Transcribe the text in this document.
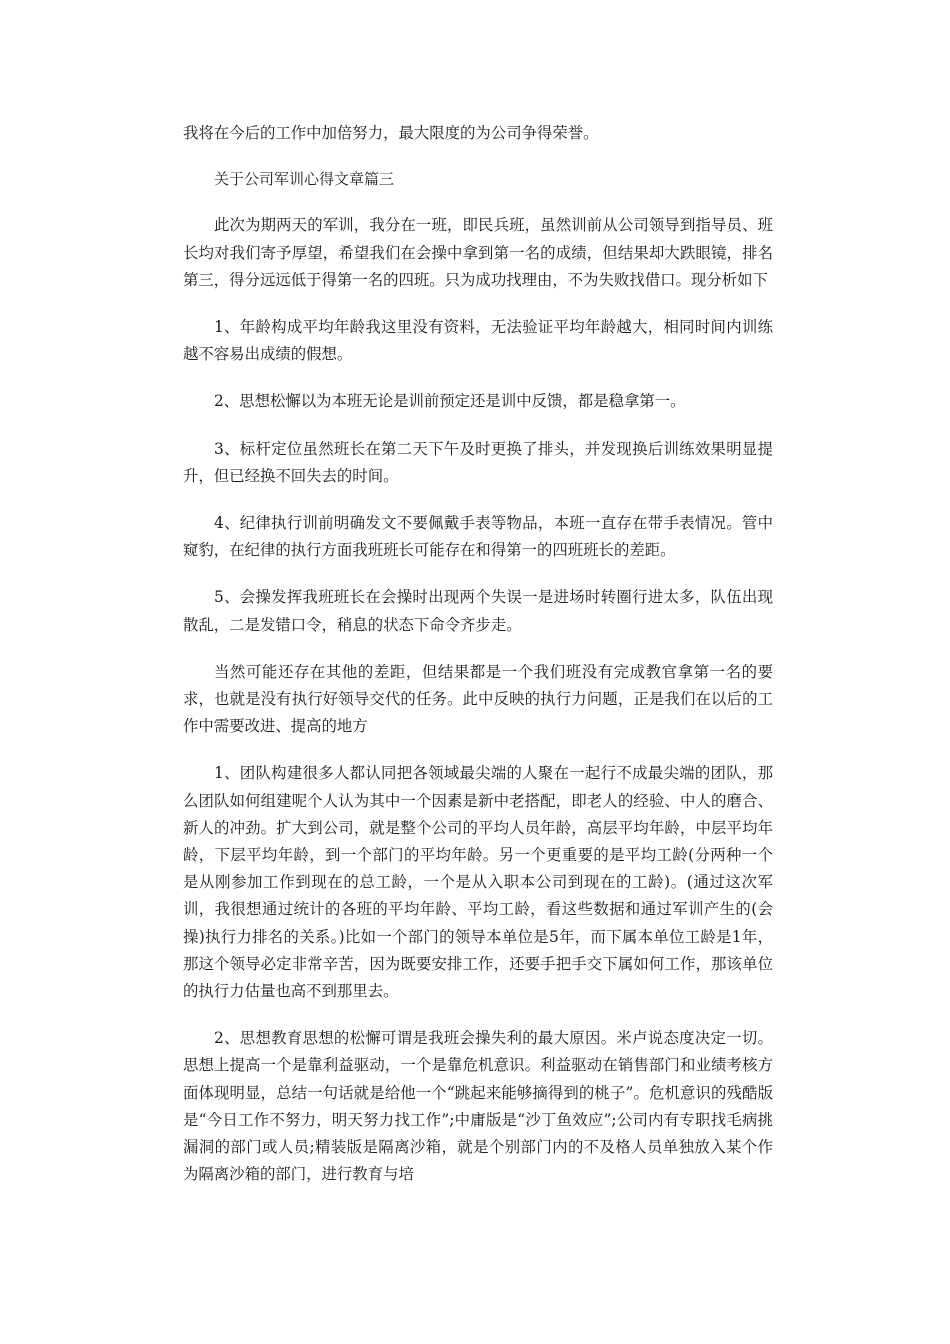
我将在今后的工作中加倍努力，最大限度的为公司争得荣誉。

关于公司军训心得文章篇三

此次为期两天的军训，我分在一班，即民兵班，虽然训前从公司领导到指导员、班长均对我们寄予厚望，希望我们在会操中拿到第一名的成绩，但结果却大跌眼镜，排名第三，得分远远低于得第一名的四班。只为成功找理由，不为失败找借口。现分析如下

1、年龄构成平均年龄我这里没有资料，无法验证平均年龄越大，相同时间内训练越不容易出成绩的假想。

2、思想松懈以为本班无论是训前预定还是训中反馈，都是稳拿第一。

3、标杆定位虽然班长在第二天下午及时更换了排头，并发现换后训练效果明显提升，但已经换不回失去的时间。

4、纪律执行训前明确发文不要佩戴手表等物品，本班一直存在带手表情况。管中窥豹，在纪律的执行方面我班班长可能存在和得第一的四班班长的差距。

5、会操发挥我班班长在会操时出现两个失误一是进场时转圈行进太多，队伍出现散乱，二是发错口令，稍息的状态下命令齐步走。

当然可能还存在其他的差距，但结果都是一个我们班没有完成教官拿第一名的要求，也就是没有执行好领导交代的任务。此中反映的执行力问题，正是我们在以后的工作中需要改进、提高的地方

1、团队构建很多人都认同把各领域最尖端的人聚在一起行不成最尖端的团队，那么团队如何组建呢个人认为其中一个因素是新中老搭配，即老人的经验、中人的磨合、新人的冲劲。扩大到公司，就是整个公司的平均人员年龄，高层平均年龄，中层平均年龄，下层平均年龄，到一个部门的平均年龄。另一个更重要的是平均工龄(分两种一个是从刚参加工作到现在的总工龄，一个是从入职本公司到现在的工龄)。(通过这次军训，我很想通过统计的各班的平均年龄、平均工龄，看这些数据和通过军训产生的(会操)执行力排名的关系。)比如一个部门的领导本单位是5年，而下属本单位工龄是1年，那这个领导必定非常辛苦，因为既要安排工作，还要手把手交下属如何工作，那该单位的执行力估量也高不到那里去。

2、思想教育思想的松懈可谓是我班会操失利的最大原因。米卢说态度决定一切。思想上提高一个是靠利益驱动，一个是靠危机意识。利益驱动在销售部门和业绩考核方面体现明显，总结一句话就是给他一个“跳起来能够摘得到的桃子”。危机意识的残酷版是“今日工作不努力，明天努力找工作”;中庸版是“沙丁鱼效应”;公司内有专职找毛病挑漏洞的部门或人员;精装版是隔离沙箱，就是个别部门内的不及格人员单独放入某个作为隔离沙箱的部门，进行教育与培
